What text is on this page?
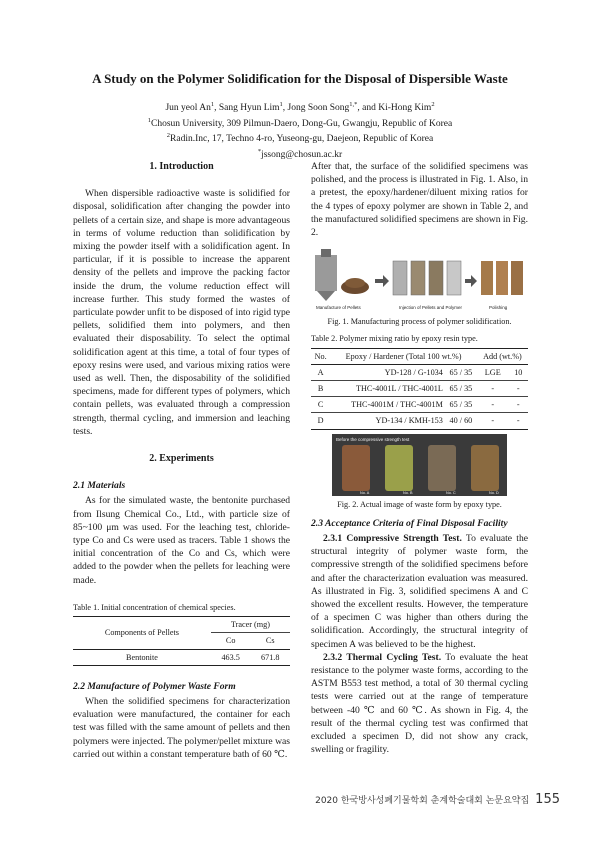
A Study on the Polymer Solidification for the Disposal of Dispersible Waste
Jun yeol An$^1$, Sang Hyun Lim$^1$, Jong Soon Song$^{1,*}$, and Ki-Hong Kim$^2$
$^1$Chosun University, 309 Pilmun-Daero, Dong-Gu, Gwangju, Republic of Korea
$^2$Radin.Inc, 17, Techno 4-ro, Yuseong-gu, Daejeon, Republic of Korea
*jssong@chosun.ac.kr
1. Introduction

When dispersible radioactive waste is solidified for disposal, solidification after changing the powder into pellets of a certain size, and shape is more advantageous in terms of volume reduction than solidification by mixing the powder itself with a solidification agent. In particular, if it is possible to increase the apparent density of the pellets and improve the packing factor inside the drum, the volume reduction effect will increase further. This study formed the wastes of particulate powder unfit to be disposed of into rigid type pellets, solidified them into polymers, and then evaluated their disposability. To select the optimal solidification agent at this time, a total of four types of epoxy resins were used, and various mixing ratios were used as well. Then, the disposability of the solidified specimens, made for different types of polymers, which contain pellets, was evaluated through a compression strength, thermal cycling, and immersion and leaching tests.

2. Experiments
2.1 Materials

As for the simulated waste, the bentonite purchased from Ilsung Chemical Co., Ltd., with particle size of 85~100 μm was used. For the leaching test, chloride-type Co and Cs were used as tracers. Table 1 shows the initial concentration of the Co and Cs, which were added to the powder when the pellets for leaching were made.

Table 1. Initial concentration of chemical species.
Components of Pellets	Tracer (mg)	
	Co	Cs
Bentonite	463.5	671.8
2.2 Manufacture of Polymer Waste Form

When the solidified specimens for characterization evaluation were manufactured, the container for each test was filled with the same amount of pellets and then polymers were injected. The polymer/pellet mixture was carried out within a constant temperature bath of 60 ℃.

After that, the surface of the solidified specimens was polished, and the process is illustrated in Fig. 1. Also, in a pretest, the epoxy/hardener/diluent mixing ratios for the 4 types of epoxy polymer are shown in Table 2, and the manufactured solidified specimens are shown in Fig. 2.

Manufacture of Pellets	Injection of Pellets and Polymer	Polishing
Fig. 1. Manufacturing process of polymer solidification.
Table 2. Polymer mixing ratio by epoxy resin type.
No.	Epoxy / Hardener (Total 100 wt.%)		Add (wt.%)	
A	YD-128 / G-1034	65 / 35	LGE	10
B	THC-4001L / THC-4001L	65 / 35	-	-
C	THC-4001M / THC-4001M	65 / 35	-	-
D	YD-134 / KMH-153	40 / 60	-	-
Before the compressive strength test
No. A	No. B	No. C	No. D
Fig. 2. Actual image of waste form by epoxy type.
2.3 Acceptance Criteria of Final Disposal Facility

2.3.1 Compressive Strength Test. To evaluate the structural integrity of polymer waste form, the compressive strength of the solidified specimens before and after the characterization evaluation was measured. As illustrated in Fig. 3, solidified specimens A and C showed the excellent results. However, the temperature of a specimen C was higher than others during the solidification. Accordingly, the structural integrity of specimen A was believed to be the highest.

2.3.2 Thermal Cycling Test. To evaluate the heat resistance to the polymer waste forms, according to the ASTM B553 test method, a total of 30 thermal cycling tests were carried out at the range of temperature between -40 ℃ and 60 ℃. As shown in Fig. 4, the result of the thermal cycling test was confirmed that excluded a specimen D, did not show any crack, swelling or fragility.

2020 한국방사성폐기물학회 춘계학술대회 논문요약집 155
